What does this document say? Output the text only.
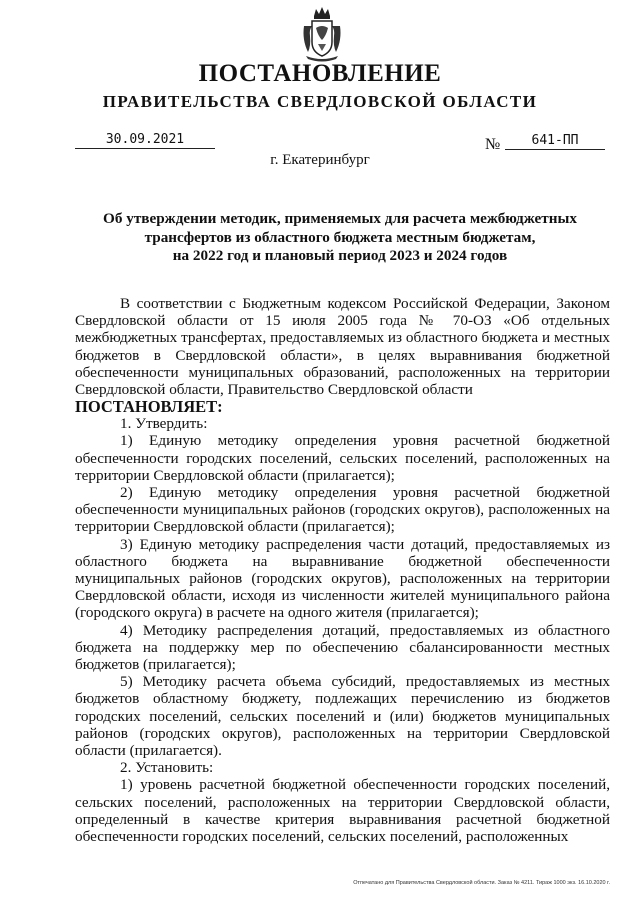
ПОСТАНОВЛЕНИЕ
ПРАВИТЕЛЬСТВА СВЕРДЛОВСКОЙ ОБЛАСТИ
30.09.2021	№	641-ПП
г. Екатеринбург
Об утверждении методик, применяемых для расчета межбюджетных
трансфертов из областного бюджета местным бюджетам,
на 2022 год и плановый период 2023 и 2024 годов

В соответствии с Бюджетным кодексом Российской Федерации, Законом Свердловской области от 15 июля 2005 года № 70-ОЗ «Об отдельных межбюджетных трансфертах, предоставляемых из областного бюджета и местных бюджетов в Свердловской области», в целях выравнивания бюджетной обеспеченности муниципальных образований, расположенных на территории Свердловской области, Правительство Свердловской области

ПОСТАНОВЛЯЕТ:

1. Утвердить:

1) Единую методику определения уровня расчетной бюджетной обеспеченности городских поселений, сельских поселений, расположенных на территории Свердловской области (прилагается);

2) Единую методику определения уровня расчетной бюджетной обеспеченности муниципальных районов (городских округов), расположенных на территории Свердловской области (прилагается);

3) Единую методику распределения части дотаций, предоставляемых из областного бюджета на выравнивание бюджетной обеспеченности муниципальных районов (городских округов), расположенных на территории Свердловской области, исходя из численности жителей муниципального района (городского округа) в расчете на одного жителя (прилагается);

4) Методику распределения дотаций, предоставляемых из областного бюджета на поддержку мер по обеспечению сбалансированности местных бюджетов (прилагается);

5) Методику расчета объема субсидий, предоставляемых из местных бюджетов областному бюджету, подлежащих перечислению из бюджетов городских поселений, сельских поселений и (или) бюджетов муниципальных районов (городских округов), расположенных на территории Свердловской области (прилагается).

2. Установить:

1) уровень расчетной бюджетной обеспеченности городских поселений, сельских поселений, расположенных на территории Свердловской области, определенный в качестве критерия выравнивания расчетной бюджетной обеспеченности городских поселений, сельских поселений, расположенных

Отпечатано для Правительства Свердловской области. Заказ № 4211. Тираж 1000 экз. 16.10.2020 г.
